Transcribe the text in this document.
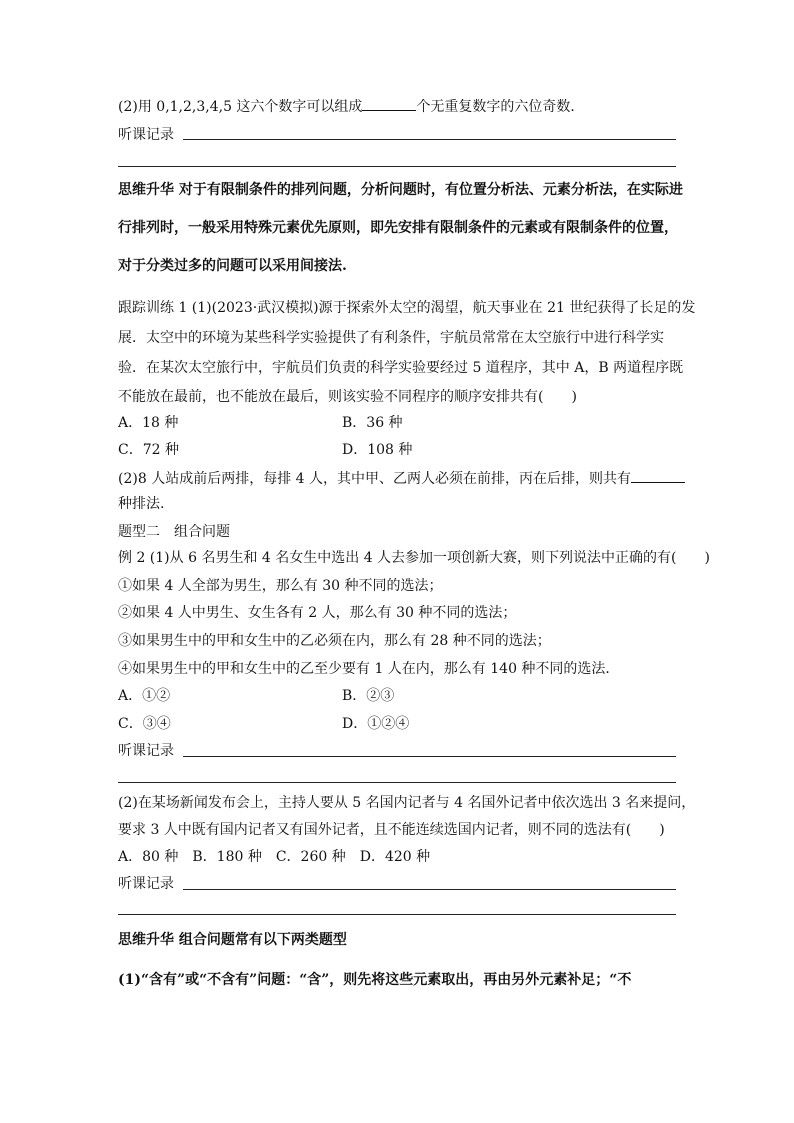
(2)用 0,1,2,3,4,5 这六个数字可以组成	个无重复数字的六位奇数．
听课记录
思维升华 对于有限制条件的排列问题，分析问题时，有位置分析法、元素分析法，在实际进
行排列时，一般采用特殊元素优先原则，即先安排有限制条件的元素或有限制条件的位置，
对于分类过多的问题可以采用间接法.
跟踪训练 1 (1)(2023·武汉模拟)源于探索外太空的渴望，航天事业在 21 世纪获得了长足的发
展．太空中的环境为某些科学实验提供了有利条件，宇航员常常在太空旅行中进行科学实
验．在某次太空旅行中，宇航员们负责的科学实验要经过 5 道程序，其中 A，B 两道程序既
不能放在最前，也不能放在最后，则该实验不同程序的顺序安排共有(　　)
A．18 种	B．36 种
C．72 种	D．108 种
(2)8 人站成前后两排，每排 4 人，其中甲、乙两人必须在前排，丙在后排，则共有
种排法.
题型二　组合问题
例 2 (1)从 6 名男生和 4 名女生中选出 4 人去参加一项创新大赛，则下列说法中正确的有(　　)
①如果 4 人全部为男生，那么有 30 种不同的选法；
②如果 4 人中男生、女生各有 2 人，那么有 30 种不同的选法；
③如果男生中的甲和女生中的乙必须在内，那么有 28 种不同的选法；
④如果男生中的甲和女生中的乙至少要有 1 人在内，那么有 140 种不同的选法．
A．①②	B．②③
C．③④	D．①②④
听课记录
(2)在某场新闻发布会上，主持人要从 5 名国内记者与 4 名国外记者中依次选出 3 名来提问，
要求 3 人中既有国内记者又有国外记者，且不能连续选国内记者，则不同的选法有(　　)
A．80 种　B．180 种　C．260 种　D．420 种
听课记录
思维升华 组合问题常有以下两类题型
(1)“含有”或“不含有”问题：“含”，则先将这些元素取出，再由另外元素补足；“不
